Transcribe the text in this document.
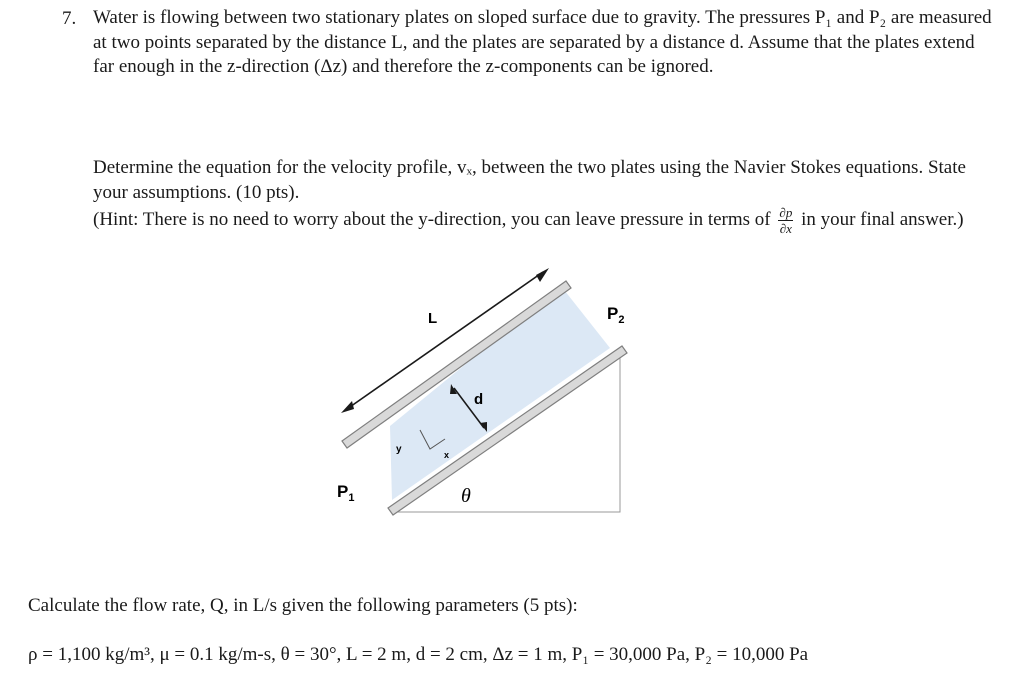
7. Water is flowing between two stationary plates on sloped surface due to gravity. The pressures P₁ and P₂ are measured at two points separated by the distance L, and the plates are separated by a distance d. Assume that the plates extend far enough in the z-direction (Δz) and therefore the z-components can be ignored.

Determine the equation for the velocity profile, vₓ, between the two plates using the Navier Stokes equations. State your assumptions. (10 pts).

(Hint: There is no need to worry about the y-direction, you can leave pressure in terms of $\frac{\partial p}{\partial x}$ in your final answer.)

L	$P_2$
$P_1$
d
y	x
θ

Calculate the flow rate, Q, in L/s given the following parameters (5 pts):

ρ = 1,100 kg/m³, μ = 0.1 kg/m-s, θ = 30°, L = 2 m, d = 2 cm, Δz = 1 m, P₁ = 30,000 Pa, P₂ = 10,000 Pa
